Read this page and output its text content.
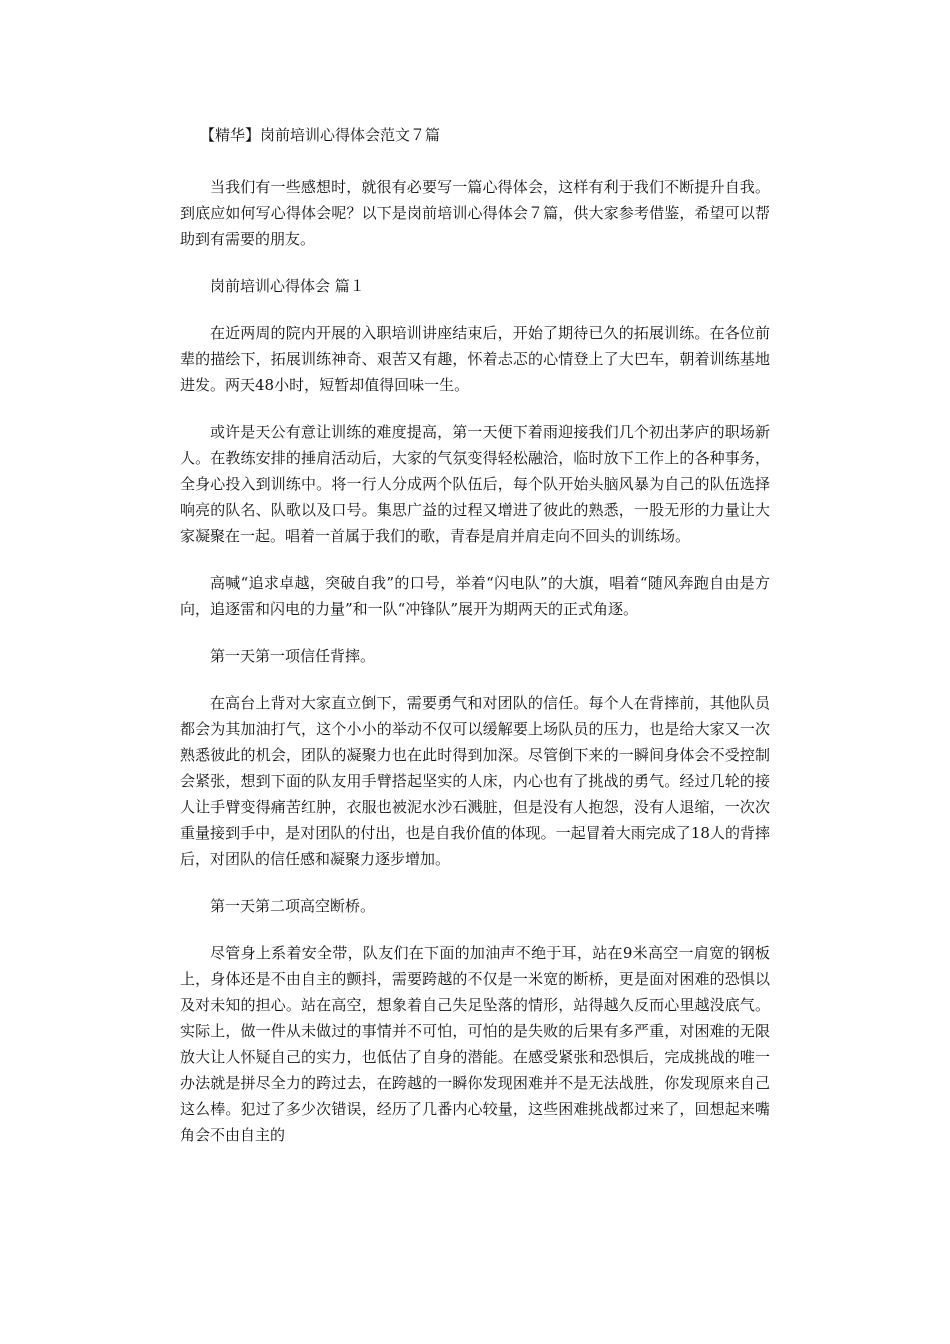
【精华】岗前培训心得体会范文７篇

当我们有一些感想时，就很有必要写一篇心得体会，这样有利于我们不断提升自我。到底应如何写心得体会呢？以下是岗前培训心得体会７篇，供大家参考借鉴，希望可以帮助到有需要的朋友。

岗前培训心得体会 篇１

在近两周的院内开展的入职培训讲座结束后，开始了期待已久的拓展训练。在各位前辈的描绘下，拓展训练神奇、艰苦又有趣，怀着忐忑的心情登上了大巴车，朝着训练基地进发。两天48小时，短暂却值得回味一生。

或许是天公有意让训练的难度提高，第一天便下着雨迎接我们几个初出茅庐的职场新人。在教练安排的捶肩活动后，大家的气氛变得轻松融洽，临时放下工作上的各种事务，全身心投入到训练中。将一行人分成两个队伍后，每个队开始头脑风暴为自己的队伍选择响亮的队名、队歌以及口号。集思广益的过程又增进了彼此的熟悉，一股无形的力量让大家凝聚在一起。唱着一首属于我们的歌，青春是肩并肩走向不回头的训练场。

高喊“追求卓越，突破自我”的口号，举着“闪电队”的大旗，唱着“随风奔跑自由是方向，追逐雷和闪电的力量”和一队“冲锋队”展开为期两天的正式角逐。

第一天第一项信任背摔。

在高台上背对大家直立倒下，需要勇气和对团队的信任。每个人在背摔前，其他队员都会为其加油打气，这个小小的举动不仅可以缓解要上场队员的压力，也是给大家又一次熟悉彼此的机会，团队的凝聚力也在此时得到加深。尽管倒下来的一瞬间身体会不受控制会紧张，想到下面的队友用手臂搭起坚实的人床，内心也有了挑战的勇气。经过几轮的接人让手臂变得痛苦红肿，衣服也被泥水沙石溅脏，但是没有人抱怨，没有人退缩，一次次重量接到手中，是对团队的付出，也是自我价值的体现。一起冒着大雨完成了18人的背摔后，对团队的信任感和凝聚力逐步增加。

第一天第二项高空断桥。

尽管身上系着安全带，队友们在下面的加油声不绝于耳，站在9米高空一肩宽的钢板上，身体还是不由自主的颤抖，需要跨越的不仅是一米宽的断桥，更是面对困难的恐惧以及对未知的担心。站在高空，想象着自己失足坠落的情形，站得越久反而心里越没底气。实际上，做一件从未做过的事情并不可怕，可怕的是失败的后果有多严重，对困难的无限放大让人怀疑自己的实力，也低估了自身的潜能。在感受紧张和恐惧后，完成挑战的唯一办法就是拼尽全力的跨过去，在跨越的一瞬你发现困难并不是无法战胜，你发现原来自己这么棒。犯过了多少次错误，经历了几番内心较量，这些困难挑战都过来了，回想起来嘴角会不由自主的
